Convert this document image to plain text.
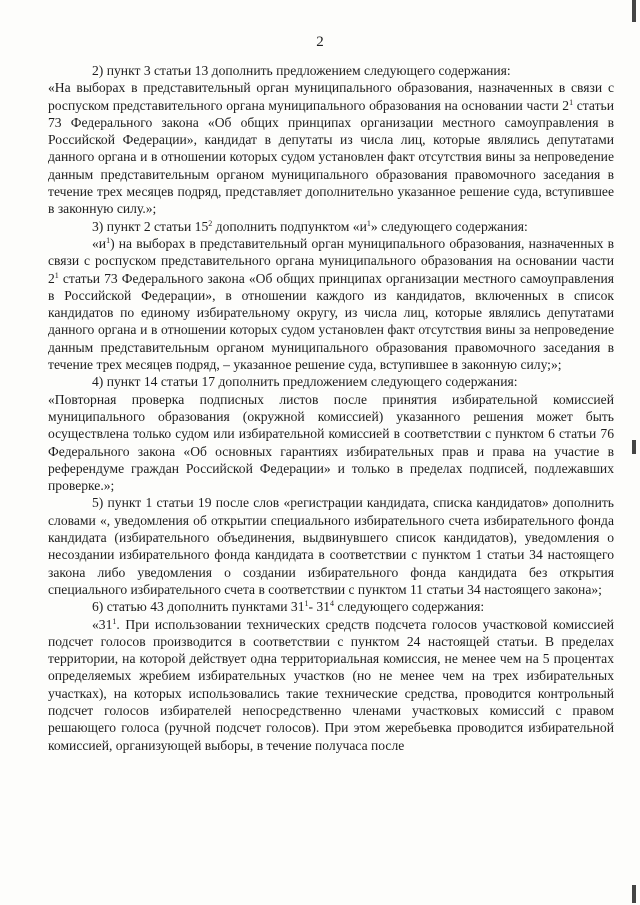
2

2) пункт 3 статьи 13 дополнить предложением следующего содержания:

«На выборах в представительный орган муниципального образования, назначенных в связи с роспуском представительного органа муниципального образования на основании части $2^1$ статьи 73 Федерального закона «Об общих принципах организации местного самоуправления в Российской Федерации», кандидат в депутаты из числа лиц, которые являлись депутатами данного органа и в отношении которых судом установлен факт отсутствия вины за непроведение данным представительным органом муниципального образования правомочного заседания в течение трех месяцев подряд, представляет дополнительно указанное решение суда, вступившее в законную силу.»;

3) пункт 2 статьи $15^2$ дополнить подпунктом «$и^1$» следующего содержания:

«$и^1$) на выборах в представительный орган муниципального образования, назначенных в связи с роспуском представительного органа муниципального образования на основании части $2^1$ статьи 73 Федерального закона «Об общих принципах организации местного самоуправления в Российской Федерации», в отношении каждого из кандидатов, включенных в список кандидатов по единому избирательному округу, из числа лиц, которые являлись депутатами данного органа и в отношении которых судом установлен факт отсутствия вины за непроведение данным представительным органом муниципального образования правомочного заседания в течение трех месяцев подряд, – указанное решение суда, вступившее в законную силу;»;

4) пункт 14 статьи 17 дополнить предложением следующего содержания:

«Повторная проверка подписных листов после принятия избирательной комиссией муниципального образования (окружной комиссией) указанного решения может быть осуществлена только судом или избирательной комиссией в соответствии с пунктом 6 статьи 76 Федерального закона «Об основных гарантиях избирательных прав и права на участие в референдуме граждан Российской Федерации» и только в пределах подписей, подлежавших проверке.»;

5) пункт 1 статьи 19 после слов «регистрации кандидата, списка кандидатов» дополнить словами «, уведомления об открытии специального избирательного счета избирательного фонда кандидата (избирательного объединения, выдвинувшего список кандидатов), уведомления о несоздании избирательного фонда кандидата в соответствии с пунктом 1 статьи 34 настоящего закона либо уведомления о создании избирательного фонда кандидата без открытия специального избирательного счета в соответствии с пунктом 11 статьи 34 настоящего закона»;

6) статью 43 дополнить пунктами $31^1-$ $31^4$ следующего содержания:

«$31^1$. При использовании технических средств подсчета голосов участковой комиссией подсчет голосов производится в соответствии с пунктом 24 настоящей статьи. В пределах территории, на которой действует одна территориальная комиссия, не менее чем на 5 процентах определяемых жребием избирательных участков (но не менее чем на трех избирательных участках), на которых использовались такие технические средства, проводится контрольный подсчет голосов избирателей непосредственно членами участковых комиссий с правом решающего голоса (ручной подсчет голосов). При этом жеребьевка проводится избирательной комиссией, организующей выборы, в течение получаса после
